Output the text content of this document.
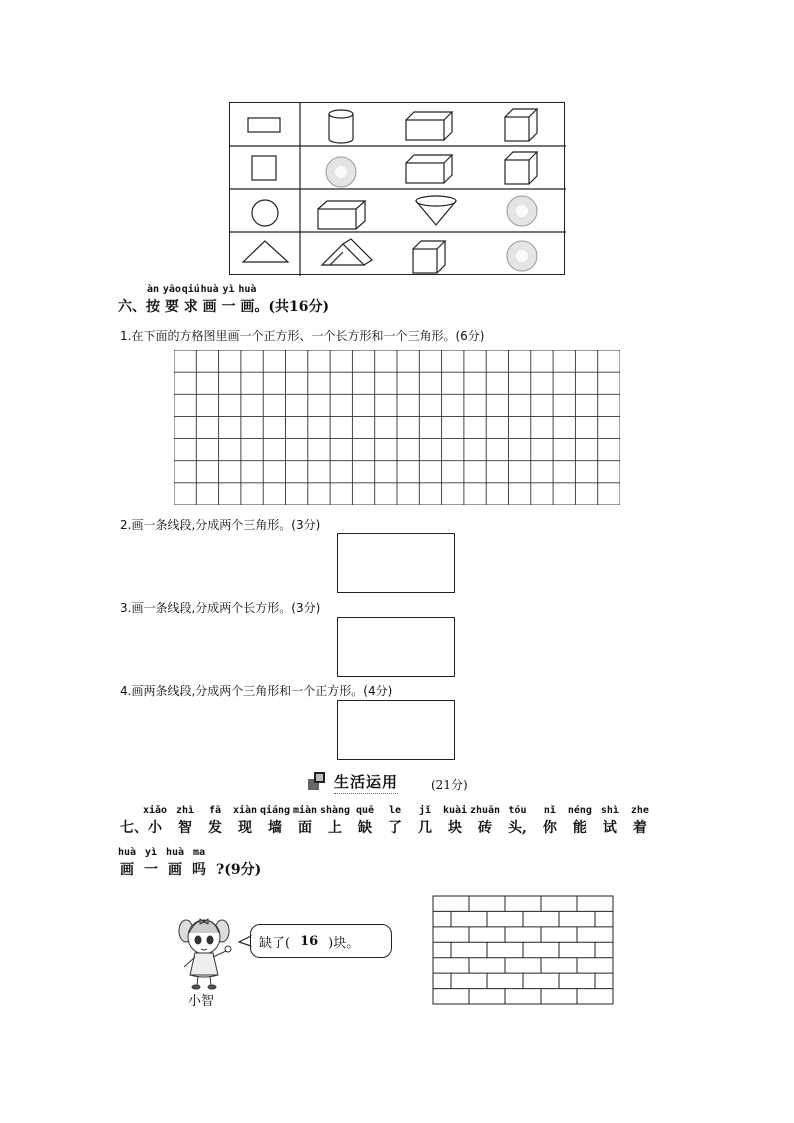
六、
àn
按
yāo
要
qiú
求
huà
画
yì
一
huà
画。(共16分)
1.在下面的方格图里画一个正方形、一个长方形和一个三角形。(6分)
2.画一条线段,分成两个三角形。(3分)
3.画一条线段,分成两个长方形。(3分)
4.画两条线段,分成两个三角形和一个正方形。(4分)
生活运用	(21分)
七、
xiǎo
小
zhì
智
fā
发
xiàn
现
qiáng
墙
miàn
面
shàng
上
quē
缺
le
了
jǐ
几
kuài
块
zhuān
砖
tóu
头,
nǐ
你
néng
能
shì
试
zhe
着
huà
画
yì
一
huà
画
ma
吗 ?(9分)
小智
缺了( 16 )块。
